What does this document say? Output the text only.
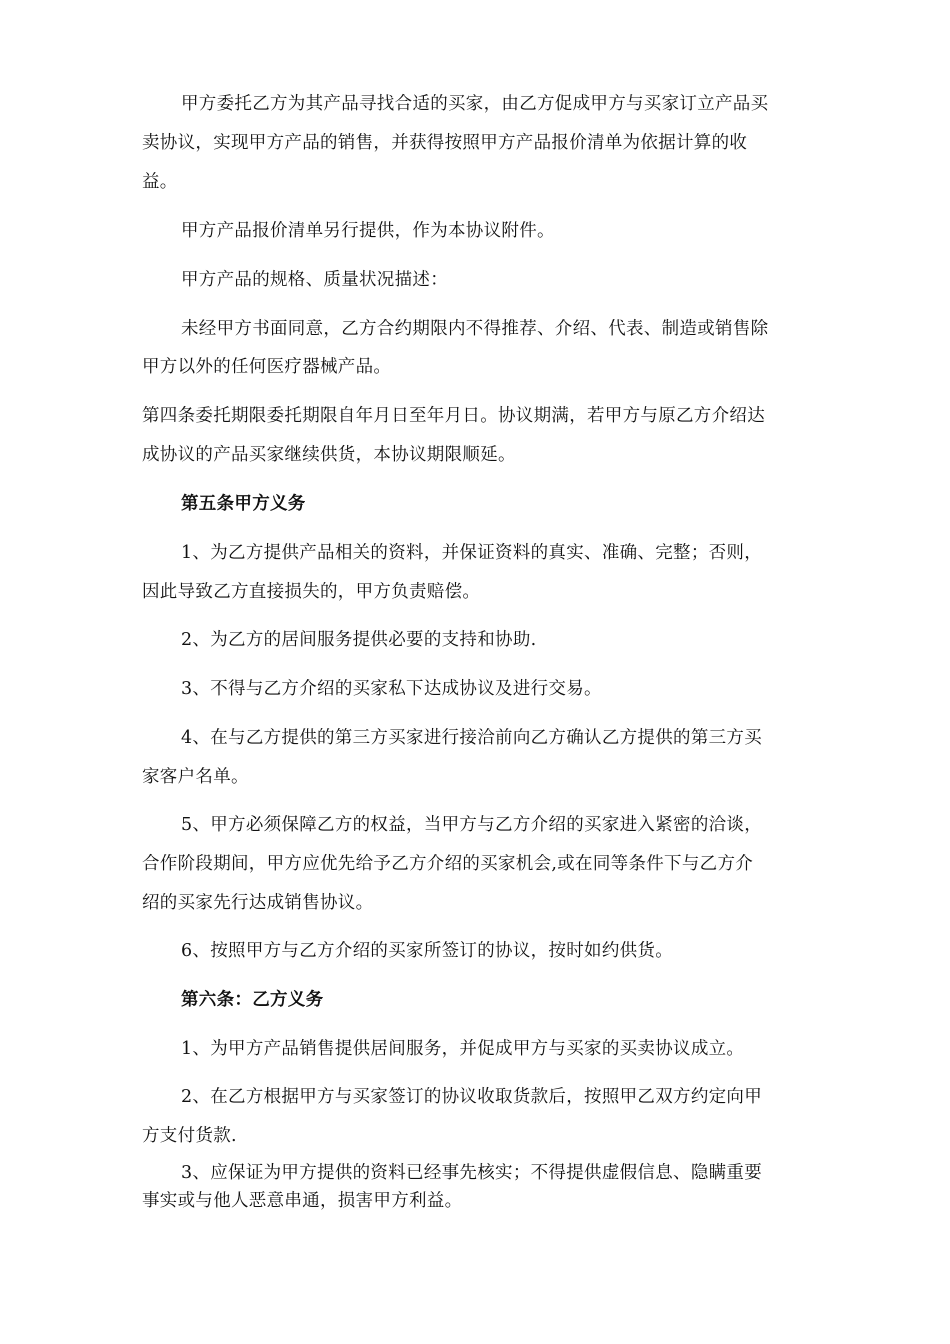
甲方委托乙方为其产品寻找合适的买家，由乙方促成甲方与买家订立产品买
卖协议，实现甲方产品的销售，并获得按照甲方产品报价清单为依据计算的收
益。
甲方产品报价清单另行提供，作为本协议附件。
甲方产品的规格、质量状况描述：
未经甲方书面同意，乙方合约期限内不得推荐、介绍、代表、制造或销售除
甲方以外的任何医疗器械产品。
第四条委托期限委托期限自年月日至年月日。协议期满，若甲方与原乙方介绍达
成协议的产品买家继续供货，本协议期限顺延。
第五条甲方义务
1、为乙方提供产品相关的资料，并保证资料的真实、准确、完整；否则，
因此导致乙方直接损失的，甲方负责赔偿。
2、为乙方的居间服务提供必要的支持和协助.
3、不得与乙方介绍的买家私下达成协议及进行交易。
4、在与乙方提供的第三方买家进行接洽前向乙方确认乙方提供的第三方买
家客户名单。
5、甲方必须保障乙方的权益，当甲方与乙方介绍的买家进入紧密的洽谈，
合作阶段期间，甲方应优先给予乙方介绍的买家机会,或在同等条件下与乙方介
绍的买家先行达成销售协议。
6、按照甲方与乙方介绍的买家所签订的协议，按时如约供货。
第六条：乙方义务
1、为甲方产品销售提供居间服务，并促成甲方与买家的买卖协议成立。
2、在乙方根据甲方与买家签订的协议收取货款后，按照甲乙双方约定向甲
方支付货款.
3、应保证为甲方提供的资料已经事先核实；不得提供虚假信息、隐瞒重要
事实或与他人恶意串通，损害甲方利益。
